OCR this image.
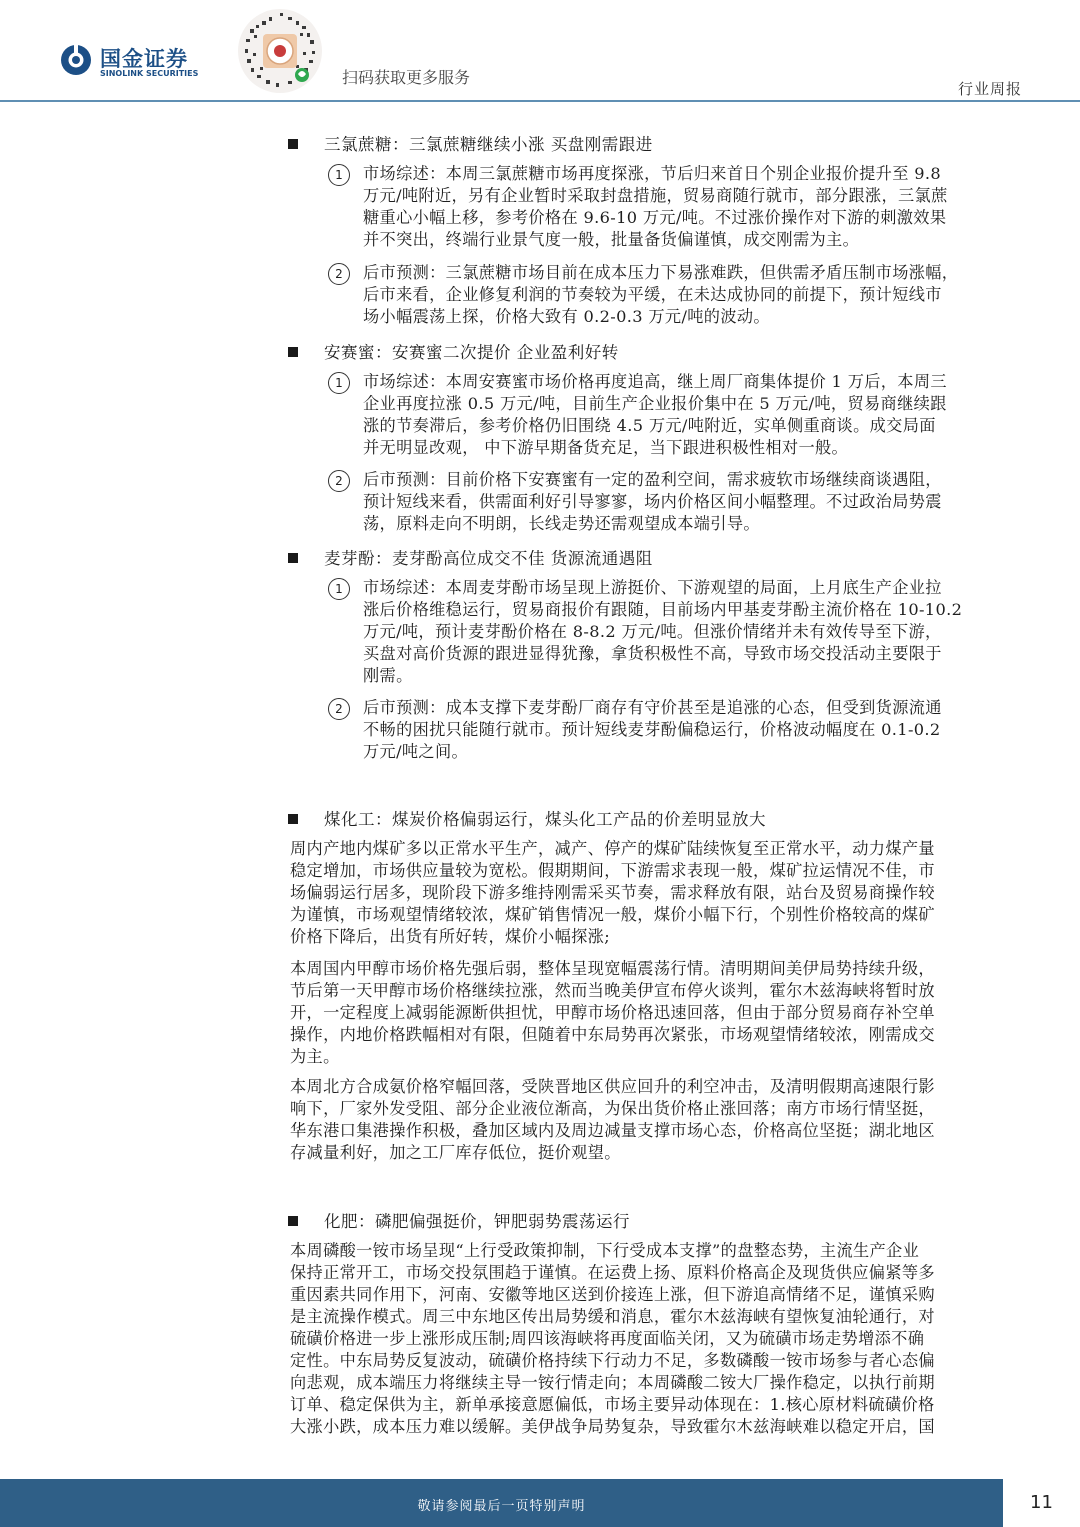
国金证券
SINOLINK SECURITIES	扫码获取更多服务
行业周报
三氯蔗糖：三氯蔗糖继续小涨 买盘刚需跟进
1	市场综述：本周三氯蔗糖市场再度探涨，节后归来首日个别企业报价提升至 9.8
万元/吨附近，另有企业暂时采取封盘措施，贸易商随行就市，部分跟涨，三氯蔗
糖重心小幅上移，参考价格在 9.6-10 万元/吨。不过涨价操作对下游的刺激效果
并不突出，终端行业景气度一般，批量备货偏谨慎，成交刚需为主。
2	后市预测：三氯蔗糖市场目前在成本压力下易涨难跌，但供需矛盾压制市场涨幅，
后市来看，企业修复利润的节奏较为平缓，在未达成协同的前提下，预计短线市
场小幅震荡上探，价格大致有 0.2-0.3 万元/吨的波动。
安赛蜜：安赛蜜二次提价 企业盈利好转
1	市场综述：本周安赛蜜市场价格再度追高，继上周厂商集体提价 1 万后，本周三
企业再度拉涨 0.5 万元/吨，目前生产企业报价集中在 5 万元/吨，贸易商继续跟
涨的节奏滞后，参考价格仍旧围绕 4.5 万元/吨附近，实单侧重商谈。成交局面
并无明显改观， 中下游早期备货充足，当下跟进积极性相对一般。
2	后市预测：目前价格下安赛蜜有一定的盈利空间，需求疲软市场继续商谈遇阻，
预计短线来看，供需面利好引导寥寥，场内价格区间小幅整理。不过政治局势震
荡，原料走向不明朗，长线走势还需观望成本端引导。
麦芽酚：麦芽酚高位成交不佳 货源流通遇阻
1	市场综述：本周麦芽酚市场呈现上游挺价、下游观望的局面，上月底生产企业拉
涨后价格维稳运行，贸易商报价有跟随，目前场内甲基麦芽酚主流价格在 10-10.2
万元/吨，预计麦芽酚价格在 8-8.2 万元/吨。但涨价情绪并未有效传导至下游，
买盘对高价货源的跟进显得犹豫，拿货积极性不高，导致市场交投活动主要限于
刚需。
2	后市预测：成本支撑下麦芽酚厂商存有守价甚至是追涨的心态，但受到货源流通
不畅的困扰只能随行就市。预计短线麦芽酚偏稳运行，价格波动幅度在 0.1-0.2
万元/吨之间。
煤化工：煤炭价格偏弱运行，煤头化工产品的价差明显放大
周内产地内煤矿多以正常水平生产，减产、停产的煤矿陆续恢复至正常水平，动力煤产量
稳定增加，市场供应量较为宽松。假期期间，下游需求表现一般，煤矿拉运情况不佳，市
场偏弱运行居多，现阶段下游多维持刚需采买节奏，需求释放有限，站台及贸易商操作较
为谨慎，市场观望情绪较浓，煤矿销售情况一般，煤价小幅下行，个别性价格较高的煤矿
价格下降后，出货有所好转，煤价小幅探涨;
本周国内甲醇市场价格先强后弱，整体呈现宽幅震荡行情。清明期间美伊局势持续升级，
节后第一天甲醇市场价格继续拉涨，然而当晚美伊宣布停火谈判，霍尔木兹海峡将暂时放
开，一定程度上减弱能源断供担忧，甲醇市场价格迅速回落，但由于部分贸易商存补空单
操作，内地价格跌幅相对有限，但随着中东局势再次紧张，市场观望情绪较浓，刚需成交
为主。
本周北方合成氨价格窄幅回落，受陕晋地区供应回升的利空冲击，及清明假期高速限行影
响下，厂家外发受阻、部分企业液位渐高，为保出货价格止涨回落；南方市场行情坚挺，
华东港口集港操作积极，叠加区域内及周边减量支撑市场心态，价格高位坚挺；湖北地区
存减量利好，加之工厂库存低位，挺价观望。
化肥：磷肥偏强挺价，钾肥弱势震荡运行
本周磷酸一铵市场呈现“上行受政策抑制，下行受成本支撑”的盘整态势，主流生产企业
保持正常开工，市场交投氛围趋于谨慎。在运费上扬、原料价格高企及现货供应偏紧等多
重因素共同作用下，河南、安徽等地区送到价接连上涨，但下游追高情绪不足，谨慎采购
是主流操作模式。周三中东地区传出局势缓和消息，霍尔木兹海峡有望恢复油轮通行，对
硫磺价格进一步上涨形成压制;周四该海峡将再度面临关闭，又为硫磺市场走势增添不确
定性。中东局势反复波动，硫磺价格持续下行动力不足，多数磷酸一铵市场参与者心态偏
向悲观，成本端压力将继续主导一铵行情走向；本周磷酸二铵大厂操作稳定，以执行前期
订单、稳定保供为主，新单承接意愿偏低，市场主要异动体现在：1.核心原材料硫磺价格
大涨小跌，成本压力难以缓解。美伊战争局势复杂，导致霍尔木兹海峡难以稳定开启，国
敬请参阅最后一页特别声明	11
